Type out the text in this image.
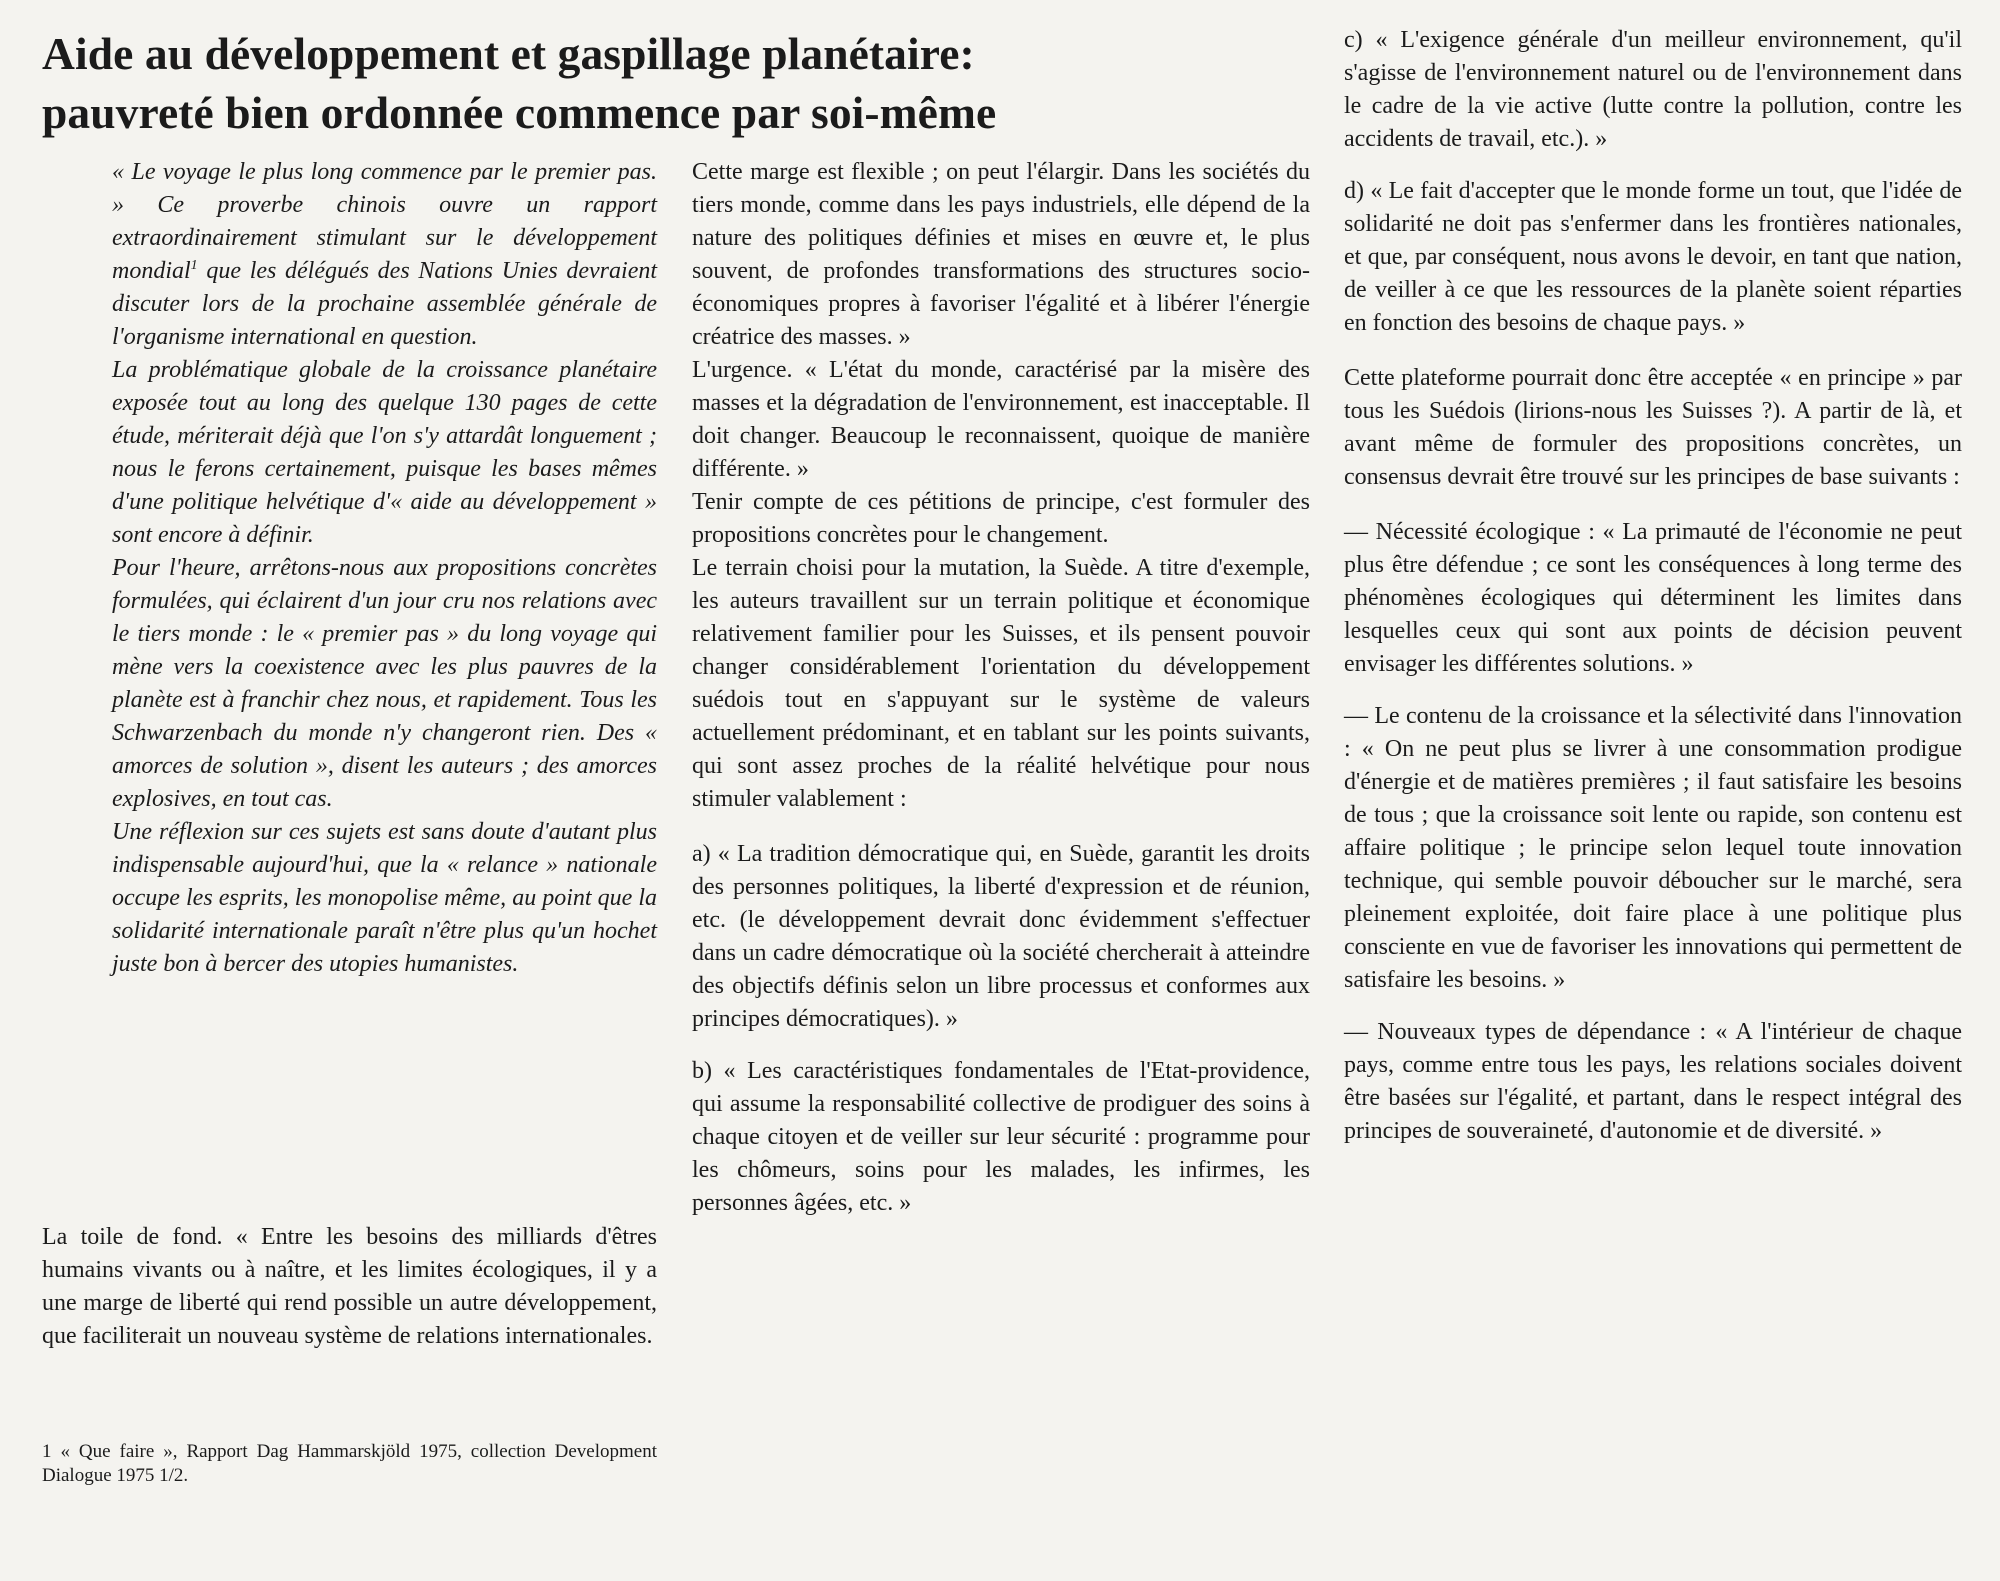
Aide au développement et gaspillage planétaire:
pauvreté bien ordonnée commence par soi-même

« Le voyage le plus long commence par le premier pas. » Ce proverbe chinois ouvre un rapport extraordinairement stimulant sur le développement mondial$^1$ que les délégués des Nations Unies devraient discuter lors de la prochaine assemblée générale de l'organisme international en question.

La problématique globale de la croissance planétaire exposée tout au long des quelque 130 pages de cette étude, mériterait déjà que l'on s'y attardât longuement ; nous le ferons certainement, puisque les bases mêmes d'une politique helvétique d'« aide au développement » sont encore à définir.

Pour l'heure, arrêtons-nous aux propositions concrètes formulées, qui éclairent d'un jour cru nos relations avec le tiers monde : le « premier pas » du long voyage qui mène vers la coexistence avec les plus pauvres de la planète est à franchir chez nous, et rapidement. Tous les Schwarzenbach du monde n'y changeront rien. Des « amorces de solution », disent les auteurs ; des amorces explosives, en tout cas.

Une réflexion sur ces sujets est sans doute d'autant plus indispensable aujourd'hui, que la « relance » nationale occupe les esprits, les monopolise même, au point que la solidarité internationale paraît n'être plus qu'un hochet juste bon à bercer des utopies humanistes.

La toile de fond. « Entre les besoins des milliards d'êtres humains vivants ou à naître, et les limites écologiques, il y a une marge de liberté qui rend possible un autre développement, que faciliterait un nouveau système de relations internationales.

1 « Que faire », Rapport Dag Hammarskjöld 1975, collection Development Dialogue 1975 1/2.

Cette marge est flexible ; on peut l'élargir. Dans les sociétés du tiers monde, comme dans les pays industriels, elle dépend de la nature des politiques définies et mises en œuvre et, le plus souvent, de profondes transformations des structures socio-économiques propres à favoriser l'égalité et à libérer l'énergie créatrice des masses. »

L'urgence. « L'état du monde, caractérisé par la misère des masses et la dégradation de l'environnement, est inacceptable. Il doit changer. Beaucoup le reconnaissent, quoique de manière différente. »

Tenir compte de ces pétitions de principe, c'est formuler des propositions concrètes pour le changement.

Le terrain choisi pour la mutation, la Suède. A titre d'exemple, les auteurs travaillent sur un terrain politique et économique relativement familier pour les Suisses, et ils pensent pouvoir changer considérablement l'orientation du développement suédois tout en s'appuyant sur le système de valeurs actuellement prédominant, et en tablant sur les points suivants, qui sont assez proches de la réalité helvétique pour nous stimuler valablement :

a) « La tradition démocratique qui, en Suède, garantit les droits des personnes politiques, la liberté d'expression et de réunion, etc. (le développement devrait donc évidemment s'effectuer dans un cadre démocratique où la société chercherait à atteindre des objectifs définis selon un libre processus et conformes aux principes démocratiques). »

b) « Les caractéristiques fondamentales de l'Etat-providence, qui assume la responsabilité collective de prodiguer des soins à chaque citoyen et de veiller sur leur sécurité : programme pour les chômeurs, soins pour les malades, les infirmes, les personnes âgées, etc. »

c) « L'exigence générale d'un meilleur environnement, qu'il s'agisse de l'environnement naturel ou de l'environnement dans le cadre de la vie active (lutte contre la pollution, contre les accidents de travail, etc.). »

d) « Le fait d'accepter que le monde forme un tout, que l'idée de solidarité ne doit pas s'enfermer dans les frontières nationales, et que, par conséquent, nous avons le devoir, en tant que nation, de veiller à ce que les ressources de la planète soient réparties en fonction des besoins de chaque pays. »

Cette plateforme pourrait donc être acceptée « en principe » par tous les Suédois (lirions-nous les Suisses ?). A partir de là, et avant même de formuler des propositions concrètes, un consensus devrait être trouvé sur les principes de base suivants :

— Nécessité écologique : « La primauté de l'économie ne peut plus être défendue ; ce sont les conséquences à long terme des phénomènes écologiques qui déterminent les limites dans lesquelles ceux qui sont aux points de décision peuvent envisager les différentes solutions. »

— Le contenu de la croissance et la sélectivité dans l'innovation : « On ne peut plus se livrer à une consommation prodigue d'énergie et de matières premières ; il faut satisfaire les besoins de tous ; que la croissance soit lente ou rapide, son contenu est affaire politique ; le principe selon lequel toute innovation technique, qui semble pouvoir déboucher sur le marché, sera pleinement exploitée, doit faire place à une politique plus consciente en vue de favoriser les innovations qui permettent de satisfaire les besoins. »

— Nouveaux types de dépendance : « A l'intérieur de chaque pays, comme entre tous les pays, les relations sociales doivent être basées sur l'égalité, et partant, dans le respect intégral des principes de souveraineté, d'autonomie et de diversité. »
